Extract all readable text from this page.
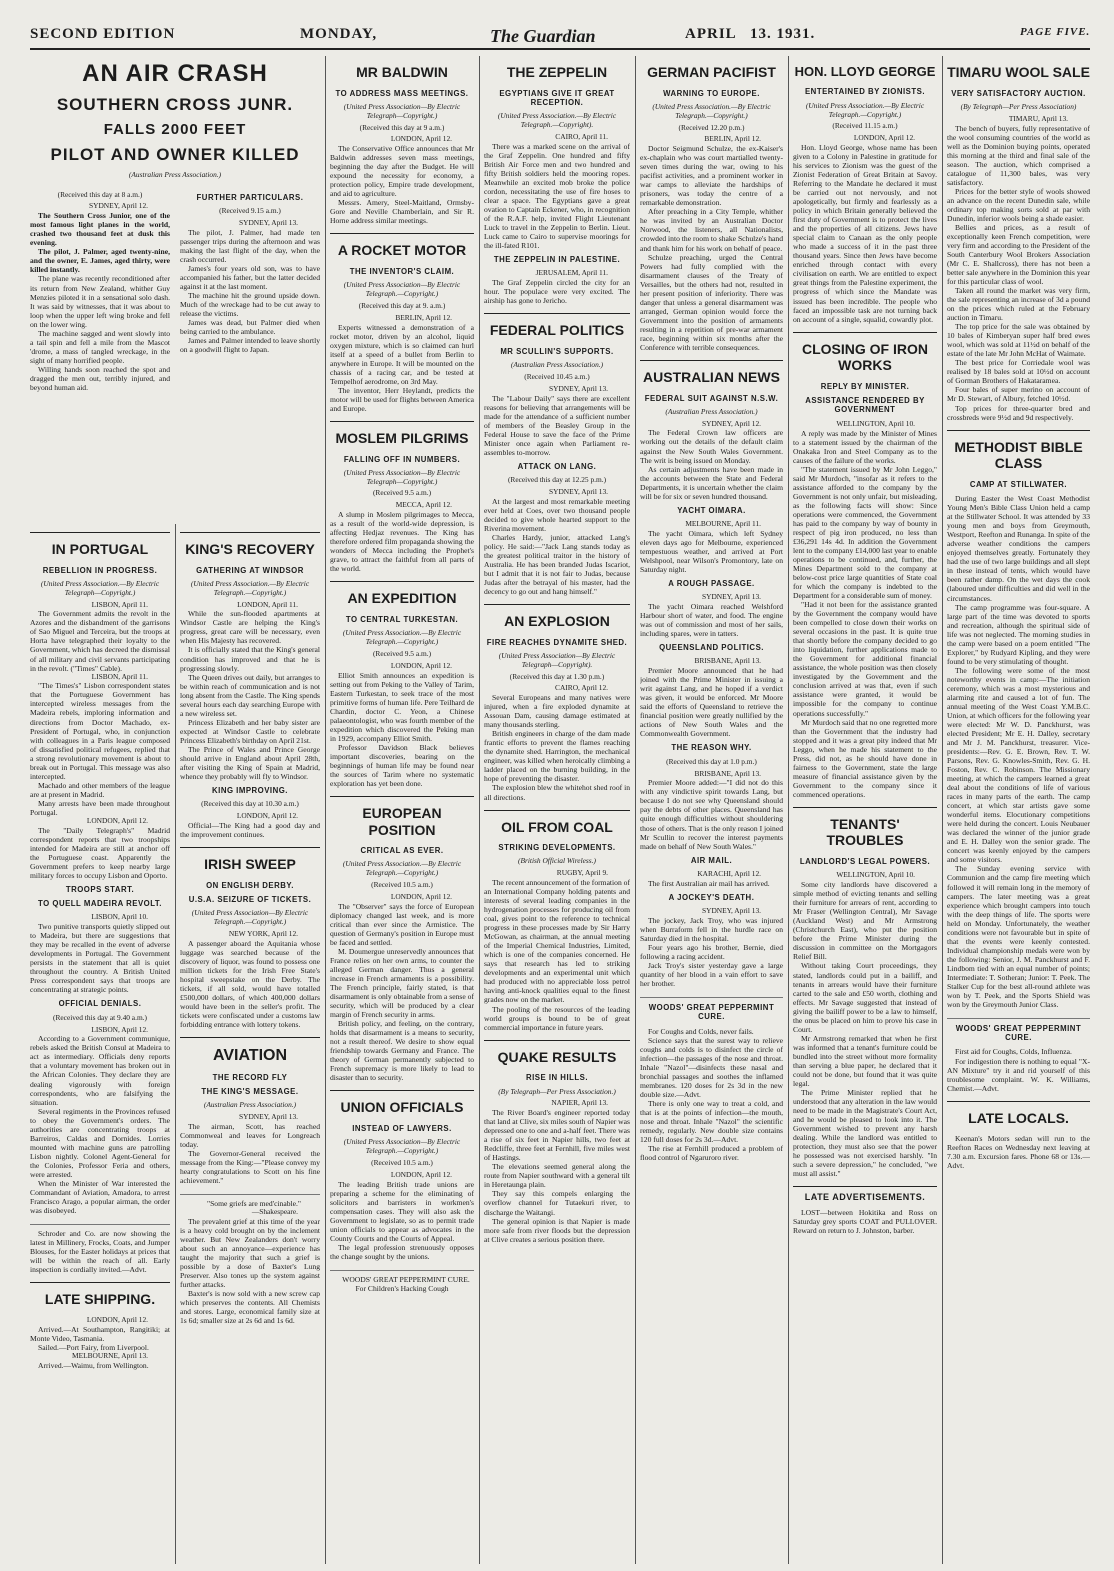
SECOND EDITION	MONDAY,	The Guardian	APRIL 13. 1931.	PAGE FIVE.
AN AIR CRASH
SOUTHERN CROSS JUNR.
FALLS 2000 FEET
PILOT AND OWNER KILLED

(Australian Press Association.)

(Received this day at 8 a.m.)

SYDNEY, April 12.

The Southern Cross Junior, one of the most famous light planes in the world, crashed two thousand feet at dusk this evening.

The pilot, J. Palmer, aged twenty-nine, and the owner, E. James, aged thirty, were killed instantly.

The plane was recently reconditioned after its return from New Zealand, whither Guy Menzies piloted it in a sensational solo dash. It was said by witnesses, that it was about to loop when the upper left wing broke and fell on the lower wing.

The machine sagged and went slowly into a tail spin and fell a mile from the Mascot 'drome, a mass of tangled wreckage, in the sight of many horrified people.

Willing hands soon reached the spot and dragged the men out, terribly injured, and beyond human aid.

FURTHER PARTICULARS.

(Received 9.15 a.m.)

SYDNEY, April 13.

The pilot, J. Palmer, had made ten passenger trips during the afternoon and was making the last flight of the day, when the crash occurred.

James's four years old son, was to have accompanied his father, but the latter decided against it at the last moment.

The machine hit the ground upside down. Much of the wreckage had to be cut away to release the victims.

James was dead, but Palmer died when being carried to the ambulance.

James and Palmer intended to leave shortly on a goodwill flight to Japan.

IN PORTUGAL
REBELLION IN PROGRESS.

(United Press Association.—By Electric Telegraph—Copyright.)

LISBON, April 11.

The Government admits the revolt in the Azores and the disbandment of the garrisons of Sao Miguel and Terceira, but the troops at Horta have telegraphed their loyalty to the Government, which has decreed the dismissal of all military and civil servants participating in the revolt. ("Times" Cable).

LISBON, April 11.

"The Times's" Lisbon correspondent states that the Portuguese Government has intercepted wireless messages from the Madeira rebels, imploring information and directions from Doctor Machado, ex-President of Portugal, who, in conjunction with colleagues in a Paris league composed of dissatisfied political refugees, replied that a strong revolutionary movement is about to break out in Portugal. This message was also intercepted.

Machado and other members of the league are at present in Madrid.

Many arrests have been made throughout Portugal.

LONDON, April 12.

The "Daily Telegraph's" Madrid correspondent reports that two troopships intended for Madeira are still at anchor off the Portuguese coast. Apparently the Government prefers to keep nearby large military forces to occupy Lisbon and Oporto.

TROOPS START.
TO QUELL MADEIRA REVOLT.

LISBON, April 10.

Two punitive transports quietly slipped out to Madeira, but there are suggestions that they may be recalled in the event of adverse developments in Portugal. The Government persists in the statement that all is quiet throughout the country. A British United Press correspondent says that troops are concentrating at strategic points.

OFFICIAL DENIALS.

(Received this day at 9.40 a.m.)

LISBON, April 12.

According to a Government communique, rebels asked the British Consul at Madeira to act as intermediary. Officials deny reports that a voluntary movement has broken out in the African Colonies. They declare they are dealing vigorously with foreign correspondents, who are falsifying the situation.

Several regiments in the Provinces refused to obey the Government's orders. The authorities are concentrating troops at Barreiros, Caldas and Dornides. Lorries mounted with machine guns are patrolling Lisbon nightly. Colonel Agent-General for the Colonies, Professor Feria and others, were arrested.

When the Minister of War interested the Commandant of Aviation, Amadora, to arrest Francisco Arago, a popular airman, the order was disobeyed.

Schroder and Co. are now showing the latest in Millinery, Frocks, Coats, and Jumper Blouses, for the Easter holidays at prices that will be within the reach of all. Early inspection is cordially invited.—Advt.

LATE SHIPPING.

LONDON, April 12.

Arrived.—At Southampton, Rangitiki; at Monte Video, Tasmania.

Sailed.—Port Fairy, from Liverpool.

MELBOURNE, April 13.

Arrived.—Waimu, from Wellington.

KING'S RECOVERY
GATHERING AT WINDSOR

(United Press Association.—By Electric Telegraph.—Copyright.)

LONDON, April 11.

While the sun-flooded apartments at Windsor Castle are helping the King's progress, great care will be necessary, even when His Majesty has recovered.

It is officially stated that the King's general condition has improved and that he is progressing slowly.

The Queen drives out daily, but arranges to be within reach of communication and is not long absent from the Castle. The King spends several hours each day searching Europe with a new wireless set.

Princess Elizabeth and her baby sister are expected at Windsor Castle to celebrate Princess Elizabeth's birthday on April 21st.

The Prince of Wales and Prince George should arrive in England about April 28th, after visiting the King of Spain at Madrid, whence they probably will fly to Windsor.

KING IMPROVING.

(Received this day at 10.30 a.m.)

LONDON, April 12.

Official—The King had a good day and the improvement continues.

IRISH SWEEP
ON ENGLISH DERBY.
U.S.A. SEIZURE OF TICKETS.

(United Press Association—By Electric Telegraph.—Copyright.)

NEW YORK, April 12.

A passenger aboard the Aquitania whose luggage was searched because of the discovery of liquor, was found to possess one million tickets for the Irish Free State's hospital sweepstake on the Derby. The tickets, if all sold, would have totalled £500,000 dollars, of which 400,000 dollars would have been in the seller's profit. The tickets were confiscated under a customs law forbidding entrance with lottery tokens.

AVIATION
THE RECORD FLY
THE KING'S MESSAGE.

(Australian Press Association.)

SYDNEY, April 13.

The airman, Scott, has reached Commonweal and leaves for Longreach today.

The Governor-General received the message from the King:—"Please convey my hearty congratulations to Scott on his fine achievement."

"Some griefs are med'cinable."

—Shakespeare.

The prevalent grief at this time of the year is a heavy cold brought on by the inclement weather. But New Zealanders don't worry about such an annoyance—experience has taught the majority that such a grief is possible by a dose of Baxter's Lung Preserver. Also tones up the system against further attacks.

Baxter's is now sold with a new screw cap which preserves the contents. All Chemists and stores. Large, economical family size at 1s 6d; smaller size at 2s 6d and 1s 6d.

MR BALDWIN
TO ADDRESS MASS MEETINGS.

(United Press Association—By Electric Telegraph—Copyright.)

(Received this day at 9 a.m.)

LONDON, April 12.

The Conservative Office announces that Mr Baldwin addresses seven mass meetings, beginning the day after the Budget. He will expound the necessity for economy, a protection policy, Empire trade development, and aid to agriculture.

Messrs. Amery, Steel-Maitland, Ormsby-Gore and Neville Chamberlain, and Sir R. Horne address similar meetings.

A ROCKET MOTOR
THE INVENTOR'S CLAIM.

(United Press Association—By Electric Telegraph.—Copyright.)

(Received this day at 9. a.m.)

BERLIN, April 12.

Experts witnessed a demonstration of a rocket motor, driven by an alcohol, liquid oxygen mixture, which is so claimed can hurl itself at a speed of a bullet from Berlin to anywhere in Europe. It will be mounted on the chassis of a racing car, and be tested at Tempelhof aerodrome, on 3rd May.

The inventor, Herr Heylandt, predicts the motor will be used for flights between America and Europe.

MOSLEM PILGRIMS
FALLING OFF IN NUMBERS.

(United Press Association—By Electric Telegraph—Copyright.)

(Received 9.5 a.m.)

MECCA, April 12.

A slump in Moslem pilgrimages to Mecca, as a result of the world-wide depression, is affecting Hedjaz revenues. The King has therefore ordered film propaganda showing the wonders of Mecca including the Prophet's grave, to attract the faithful from all parts of the world.

AN EXPEDITION
TO CENTRAL TURKESTAN.

(United Press Association.—By Electric Telegraph.—Copyright.)

(Received 9.5 a.m.)

LONDON, April 12.

Elliot Smith announces an expedition is setting out from Peking to the Valley of Tarim, Eastern Turkestan, to seek trace of the most primitive forms of human life. Pere Teilhard de Chardin, doctor C. Yeon, a Chinese palaeontologist, who was fourth member of the expedition which discovered the Peking man in 1929, accompany Elliot Smith.

Professor Davidson Black believes important discoveries, bearing on the beginnings of human life may be found near the sources of Tarim where no systematic exploration has yet been done.

EUROPEAN POSITION
CRITICAL AS EVER.

(United Press Association.—By Electric Telegraph.—Copyright.)

(Received 10.5 a.m.)

LONDON, April 12.

The "Observer" says the force of European diplomacy changed last week, and is more critical than ever since the Armistice. The question of Germany's position in Europe must be faced and settled.

M. Doumergue unreservedly announces that France relies on her own arms, to counter the alleged German danger. Thus a general increase in French armaments is a possibility. The French principle, fairly stated, is that disarmament is only obtainable from a sense of security, which will be produced by a clear margin of French security in arms.

British policy, and feeling, on the contrary, holds that disarmament is a means to security, not a result thereof. We desire to show equal friendship towards Germany and France. The theory of German permanently subjected to French supremacy is more likely to lead to disaster than to security.

UNION OFFICIALS
INSTEAD OF LAWYERS.

(United Press Association—By Electric Telegraph.—Copyright.)

(Received 10.5 a.m.)

LONDON, April 12.

The leading British trade unions are preparing a scheme for the eliminating of solicitors and barristers in workmen's compensation cases. They will also ask the Government to legislate, so as to permit trade union officials to appear as advocates in the County Courts and the Courts of Appeal.

The legal profession strenuously opposes the change sought by the unions.

WOODS' GREAT PEPPERMINT CURE. For Children's Hacking Cough

THE ZEPPELIN
EGYPTIANS GIVE IT GREAT RECEPTION.

(United Press Association.—By Electric Telegraph.—Copyright).

CAIRO, April 11.

There was a marked scene on the arrival of the Graf Zeppelin. One hundred and fifty British Air Force men and two hundred and fifty British soldiers held the mooring ropes. Meanwhile an excited mob broke the police cordon, necessitating the use of fire hoses to clear a space. The Egyptians gave a great ovation to Captain Eckener, who, in recognition of the R.A.F. help, invited Flight Lieutenant Luck to travel in the Zeppelin to Berlin. Lieut. Luck came to Cairo to supervise moorings for the ill-fated R101.

THE ZEPPELIN IN PALESTINE.

JERUSALEM, April 11.

The Graf Zeppelin circled the city for an hour. The populace were very excited. The airship has gone to Jericho.

FEDERAL POLITICS
MR SCULLIN'S SUPPORTS.

(Australian Press Association.)

(Received 10.45 a.m.)

SYDNEY, April 13.

The "Labour Daily" says there are excellent reasons for believing that arrangements will be made for the attendance of a sufficient number of members of the Beasley Group in the Federal House to save the face of the Prime Minister once again when Parliament re-assembles to-morrow.

ATTACK ON LANG.

(Received this day at 12.25 p.m.)

SYDNEY, April 13.

At the largest and most remarkable meeting ever held at Coes, over two thousand people decided to give whole hearted support to the Riverina movement.

Charles Hardy, junior, attacked Lang's policy. He said:—"Jack Lang stands today as the greatest political traitor in the history of Australia. He has been branded Judas Iscariot, but I admit that it is not fair to Judas, because Judas after the betrayal of his master, had the decency to go out and hang himself."

AN EXPLOSION
FIRE REACHES DYNAMITE SHED.

(United Press Association—By Electric Telegraph—Copyright).

(Received this day at 1.30 p.m.)

CAIRO, April 12.

Several Europeans and many natives were injured, when a fire exploded dynamite at Assouan Dam, causing damage estimated at many thousands sterling.

British engineers in charge of the dam made frantic efforts to prevent the flames reaching the dynamite shed. Harrington, the mechanical engineer, was killed when heroically climbing a ladder placed on the burning building, in the hope of preventing the disaster.

The explosion blew the whitehot shed roof in all directions.

OIL FROM COAL
STRIKING DEVELOPMENTS.

(British Official Wireless.)

RUGBY, April 9.

The recent announcement of the formation of an International Company holding patents and interests of several leading companies in the hydrogenation processes for producing oil from coal, gives point to the reference to technical progress in these processes made by Sir Harry McGowan, as chairman, at the annual meeting of the Imperial Chemical Industries, Limited, which is one of the companies concerned. He says that research has led to striking developments and an experimental unit which had produced with no appreciable loss petrol having anti-knock qualities equal to the finest grades now on the market.

The pooling of the resources of the leading world groups is bound to be of great commercial importance in future years.

QUAKE RESULTS
RISE IN HILLS.

(By Telegraph—Per Press Association.)

NAPIER, April 13.

The River Board's engineer reported today that land at Clive, six miles south of Napier was depressed one to one and a-half feet. There was a rise of six feet in Napier hills, two feet at Redcliffe, three feet at Fernhill, five miles west of Hastings.

The elevations seemed general along the route from Napier southward with a general tilt in Heretaunga plain.

They say this compels enlarging the overflow channel for Tutaekuri river, to discharge the Waitangi.

The general opinion is that Napier is made more safe from river floods but the depression at Clive creates a serious position there.

GERMAN PACIFIST
WARNING TO EUROPE.

(United Press Association.—By Electric Telegraph.—Copyright.)

(Received 12.20 p.m.)

BERLIN, April 12.

Doctor Seigmund Schulze, the ex-Kaiser's ex-chaplain who was court martialled twenty-seven times during the war, owing to his pacifist activities, and a prominent worker in war camps to alleviate the hardships of prisoners, was today the centre of a remarkable demonstration.

After preaching in a City Temple, whither he was invited by an Australian Doctor Norwood, the listeners, all Nationalists, crowded into the room to shake Schulze's hand and thank him for his work on behalf of peace.

Schulze preaching, urged the Central Powers had fully complied with the disarmament clauses of the Treaty of Versailles, but the others had not, resulted in her present position of inferiority. There was danger that unless a general disarmament was arranged, German opinion would force the Government into the position of armaments resulting in a repetition of pre-war armament race, beginning within six months after the Conference with terrible consequences.

AUSTRALIAN NEWS
FEDERAL SUIT AGAINST N.S.W.

(Australian Press Association.)

SYDNEY, April 12.

The Federal Crown law officers are working out the details of the default claim against the New South Wales Government. The writ is being issued on Monday.

As certain adjustments have been made in the accounts between the State and Federal Departments, it is uncertain whether the claim will be for six or seven hundred thousand.

YACHT OIMARA.

MELBOURNE, April 11.

The yacht Oimara, which left Sydney eleven days ago for Melbourne, experienced tempestuous weather, and arrived at Port Welshpool, near Wilson's Promontory, late on Saturday night.

A ROUGH PASSAGE.

SYDNEY, April 13.

The yacht Oimara reached Welshford Harbour short of water, and food. The engine was out of commission and most of her sails, including spares, were in tatters.

QUEENSLAND POLITICS.

BRISBANE, April 13.

Premier Moore announced that he had joined with the Prime Minister in issuing a writ against Lang, and he hoped if a verdict was given, it would be enforced. Mr Moore said the efforts of Queensland to retrieve the financial position were greatly nullified by the actions of New South Wales and the Commonwealth Government.

THE REASON WHY.

(Received this day at 1.0 p.m.)

BRISBANE, April 13.

Premier Moore added:—"I did not do this with any vindictive spirit towards Lang, but because I do not see why Queensland should pay the debts of other places. Queensland has quite enough difficulties without shouldering those of others. That is the only reason I joined Mr Scullin to recover the interest payments made on behalf of New South Wales."

AIR MAIL.

KARACHI, April 12.

The first Australian air mail has arrived.

A JOCKEY'S DEATH.

SYDNEY, April 13.

The jockey, Jack Troy, who was injured when Burraform fell in the hurdle race on Saturday died in the hospital.

Four years ago his brother, Bernie, died following a racing accident.

Jack Troy's sister yesterday gave a large quantity of her blood in a vain effort to save her brother.

WOODS' GREAT PEPPERMINT CURE.

For Coughs and Colds, never fails.

Science says that the surest way to relieve coughs and colds is to disinfect the circle of infection—the passages of the nose and throat. Inhale "Nazol"—disinfects these nasal and bronchial passages and soothes the inflamed membranes. 120 doses for 2s 3d in the new double size.—Advt.

There is only one way to treat a cold, and that is at the points of infection—the mouth, nose and throat. Inhale "Nazol" the scientific remedy, regularly. New double size contains 120 full doses for 2s 3d.—Advt.

The rise at Fernhill produced a problem of flood control of Ngaruroro river.

HON. LLOYD GEORGE
ENTERTAINED BY ZIONISTS.

(United Press Association.—By Electric Telegraph.—Copyright.)

(Received 11.15 a.m.)

LONDON, April 12.

Hon. Lloyd George, whose name has been given to a Colony in Palestine in gratitude for his services to Zionism was the guest of the Zionist Federation of Great Britain at Savoy. Referring to the Mandate he declared it must be carried out not nervously, and not apologetically, but firmly and fearlessly as a policy in which Britain generally believed the first duty of Government is to protect the lives and the properties of all citizens. Jews have special claim to Canaan as the only people who made a success of it in the past three thousand years. Since then Jews have become enriched through contact with every civilisation on earth. We are entitled to expect great things from the Palestine experiment, the progress of which since the Mandate was issued has been incredible. The people who faced an impossible task are not turning back on account of a single, squalid, cowardly plot.

CLOSING OF IRON WORKS
REPLY BY MINISTER.
ASSISTANCE RENDERED BY GOVERNMENT

WELLINGTON, April 10.

A reply was made by the Minister of Mines to a statement issued by the chairman of the Onakaka Iron and Steel Company as to the causes of the failure of the works.

"The statement issued by Mr John Leggo," said Mr Murdoch, "insofar as it refers to the assistance afforded to the company by the Government is not only unfair, but misleading, as the following facts will show: Since operations were commenced, the Government has paid to the company by way of bounty in respect of pig iron produced, no less than £36,291 14s 4d. In addition the Government lent to the company £14,000 last year to enable operations to be continued, and, further, the Mines Department sold to the company at below-cost price large quantities of State coal for which the company is indebted to the Department for a considerable sum of money.

"Had it not been for the assistance granted by the Government the company would have been compelled to close down their works on several occasions in the past. It is quite true that shortly before the company decided to go into liquidation, further applications made to the Government for additional financial assistance, the whole position was then closely investigated by the Government and the conclusion arrived at was that, even if such assistance were granted, it would be impossible for the company to continue operations successfully."

Mr Murdoch said that no one regretted more than the Government that the industry had stopped and it was a great pity indeed that Mr Leggo, when he made his statement to the Press, did not, as he should have done in fairness to the Government, state the large measure of financial assistance given by the Government to the company since it commenced operations.

TENANTS' TROUBLES
LANDLORD'S LEGAL POWERS.

WELLINGTON, April 10.

Some city landlords have discovered a simple method of evicting tenants and selling their furniture for arrears of rent, according to Mr Fraser (Wellington Central), Mr Savage (Auckland West) and Mr Armstrong (Christchurch East), who put the position before the Prime Minister during the discussion in committee on the Mortgagors Relief Bill.

Without taking Court proceedings, they stated, landlords could put in a bailiff, and tenants in arrears would have their furniture carted to the sale and £50 worth, clothing and effects. Mr Savage suggested that instead of giving the bailiff power to be a law to himself, the onus be placed on him to prove his case in Court.

Mr Armstrong remarked that when he first was informed that a tenant's furniture could be bundled into the street without more formality than serving a blue paper, he declared that it could not be done, but found that it was quite legal.

The Prime Minister replied that he understood that any alteration in the law would need to be made in the Magistrate's Court Act, and he would be pleased to look into it. The Government wished to prevent any harsh dealing. While the landlord was entitled to protection, they must also see that the power he possessed was not exercised harshly. "In such a severe depression," he concluded, "we must all assist."

LATE ADVERTISEMENTS.

LOST—between Hokitika and Ross on Saturday grey sports COAT and PULLOVER. Reward on return to J. Johnston, barber.

TIMARU WOOL SALE
VERY SATISFACTORY AUCTION.

(By Telegraph—Per Press Association)

TIMARU, April 13.

The bench of buyers, fully representative of the wool consuming countries of the world as well as the Dominion buying points, operated this morning at the third and final sale of the season. The auction, which comprised a catalogue of 11,300 bales, was very satisfactory.

Prices for the better style of wools showed an advance on the recent Dunedin sale, while ordinary top making sorts sold at par with Dunedin, inferior wools being a shade easier.

Bellies and prices, as a result of exceptionally keen French competition, were very firm and according to the President of the South Canterbury Wool Brokers Association (Mr C. E. Shallcross), there has not been a better sale anywhere in the Dominion this year for this particular class of wool.

Taken all round the market was very firm, the sale representing an increase of 3d a pound on the prices which ruled at the February auction in Timaru.

The top price for the sale was obtained by 10 bales of Kimberyan super half bred ewes wool, which was sold at 11½d on behalf of the estate of the late Mr John McHat of Waimate.

The best price for Corriedale wool was realised by 18 bales sold at 10½d on account of Gorman Brothers of Hakataramea.

Four bales of super merino on account of Mr D. Stewart, of Albury, fetched 10½d.

Top prices for three-quarter bred and crossbreds were 9½d and 9d respectively.

METHODIST BIBLE CLASS
CAMP AT STILLWATER.

During Easter the West Coast Methodist Young Men's Bible Class Union held a camp at the Stillwater School. It was attended by 33 young men and boys from Greymouth, Westport, Reefton and Runanga. In spite of the adverse weather conditions the campers enjoyed themselves greatly. Fortunately they had the use of two large buildings and all slept in these instead of tents, which would have been rather damp. On the wet days the cook (laboured under difficulties and did well in the circumstances.

The camp programme was four-square. A large part of the time was devoted to sports and recreation, although the spiritual side of life was not neglected. The morning studies in the camp were based on a poem entitled "The Explorer," by Rudyard Kipling, and they were found to be very stimulating of thought.

The following were some of the most noteworthy events in camp:—The initiation ceremony, which was a most mysterious and alarming rite and caused a lot of fun. The annual meeting of the West Coast Y.M.B.C. Union, at which officers for the following year were elected: Mr W. D. Panckhurst, was elected President; Mr E. H. Dalley, secretary and Mr J. M. Panckhurst, treasurer. Vice-presidents:—Rev. G. E. Brown, Rev. T. W. Parsons, Rev. G. Knowles-Smith, Rev. G. H. Foston, Rev. C. Robinson. The Missionary meeting, at which the campers learned a great deal about the conditions of life of various races in many parts of the earth. The camp concert, at which star artists gave some wonderful items. Elocutionary competitions were held during the concert. Louis Neubauer was declared the winner of the junior grade and E. H. Dalley won the senior grade. The concert was keenly enjoyed by the campers and some visitors.

The Sunday evening service with Communion and the camp fire meeting which followed it will remain long in the memory of campers. The later meeting was a great experience which brought campers into touch with the deep things of life. The sports were held on Monday. Unfortunately, the weather conditions were not favourable but in spite of that the events were keenly contested. Individual championship medals were won by the following: Senior, J. M. Panckhurst and F. Lindbom tied with an equal number of points; Intermediate: T. Sotheran; Junior: T. Peek. The Stalker Cup for the best all-round athlete was won by T. Peek, and the Sports Shield was won by the Greymouth Junior Class.

WOODS' GREAT PEPPERMINT CURE.

First aid for Coughs, Colds, Influenza.

For indigestion there is nothing to equal "X-AN Mixture" try it and rid yourself of this troublesome complaint. W. K. Williams, Chemist.—Advt.

LATE LOCALS.

Keenan's Motors sedan will run to the Reefton Races on Wednesday next leaving at 7.30 a.m. Excursion fares. Phone 68 or 13s.—Advt.
